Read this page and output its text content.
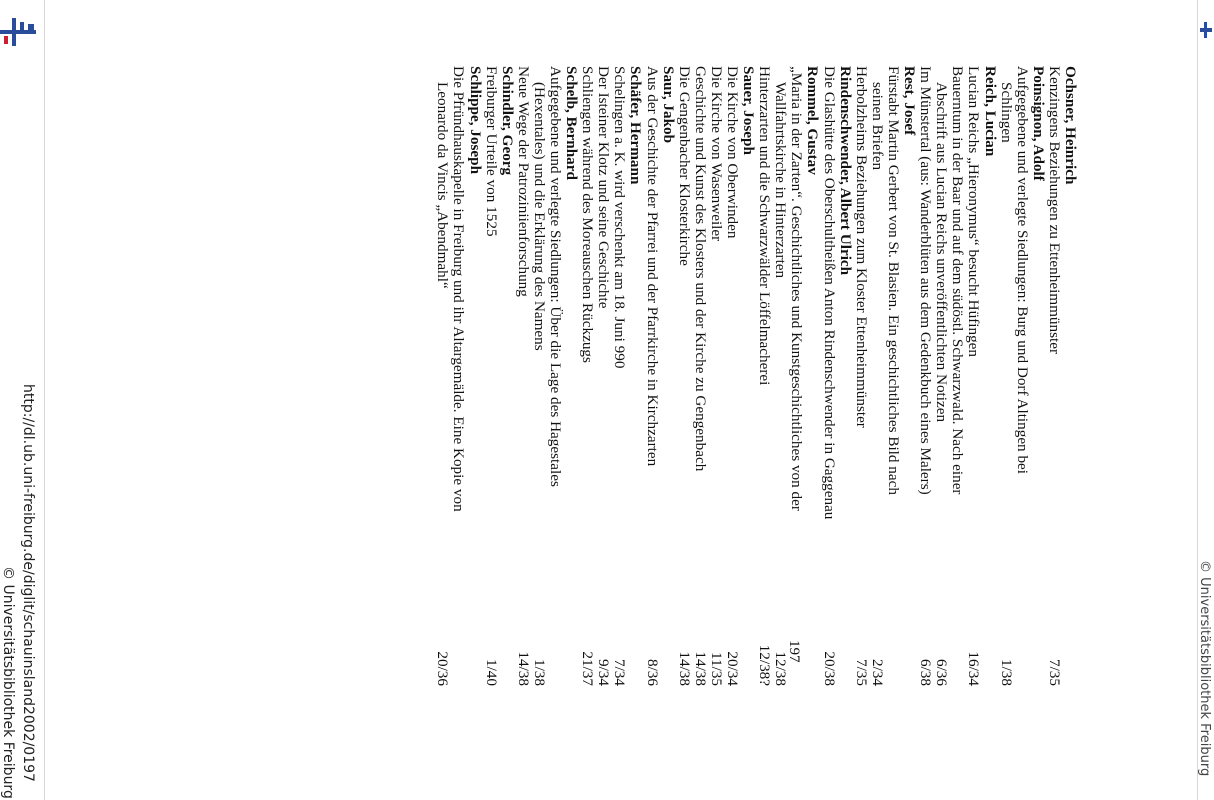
http://dl.ub.uni-freiburg.de/diglit/schauinsland2002/0197
© Universitätsbibliothek Freiburg	© Universitätsbibliothek Freiburg
Ochsner, Heinrich
Kenzingens Beziehungen zu Ettenheimmünster
7/35
Poinsignon, Adolf
Aufgegebene und verlegte Siedlungen: Burg und Dorf Altingen bei
Schlingen
1/38
Reich, Lucian
Lucian Reichs „Hieronymus“ besucht Hüfingen
16/34
Bauerntum in der Baar und auf dem südöstl. Schwarzwald. Nach einer
Abschrift aus Lucian Reichs unveröffentlichten Notizen
6/36
Im Münstertal (aus: Wanderblüten aus dem Gedenkbuch eines Malers)
6/38
Rest, Josef
Fürstabt Martin Gerbert von St. Blasien. Ein geschichtliches Bild nach
seinen Briefen
2/34
Herbolzheims Beziehungen zum Kloster Ettenheimmünster
7/35
Rindenschwender, Albert Ulrich
Die Glashütte des Oberschultheißen Anton Rindenschwender in Gaggenau
20/38
Rommel, Gustav
„Maria in der Zarten“. Geschichtliches und Kunstgeschichtliches von der
Wallfahrtskirche in Hinterzarten
12/38
Hinterzarten und die Schwarzwälder Löffelmacherei
12/38?
Sauer, Joseph
Die Kirche von Oberwinden
20/34
Die Kirche von Wasenweiler
11/35
Geschichte und Kunst des Klosters und der Kirche zu Gengenbach
14/38
Die Gengenbacher Klosterkirche
14/38
Saur, Jakob
Aus der Geschichte der Pfarrei und der Pfarrkirche in Kirchzarten
8/36
Schäfer, Hermann
Schelingen a. K. wird verschenkt am 18. Juni 990
7/34
Der Isteiner Klotz und seine Geschichte
9/34
Schliengen während des Moreauschen Rückzugs
21/37
Schelb, Bernhard
Aufgegebene und verlegte Siedlungen: Über die Lage des Hagestales
(Hexentales) und die Erklärung des Namens
1/38
Neue Wege der Patroziniienforschung
14/38
Schindler, Georg
Freiburger Urteile von 1525
1/40
Schlippe, Joseph
Die Pfründhauskapelle in Freiburg und ihr Altargemälde. Eine Kopie von
Leonardo da Vincis „Abendmahl“
20/36
197
